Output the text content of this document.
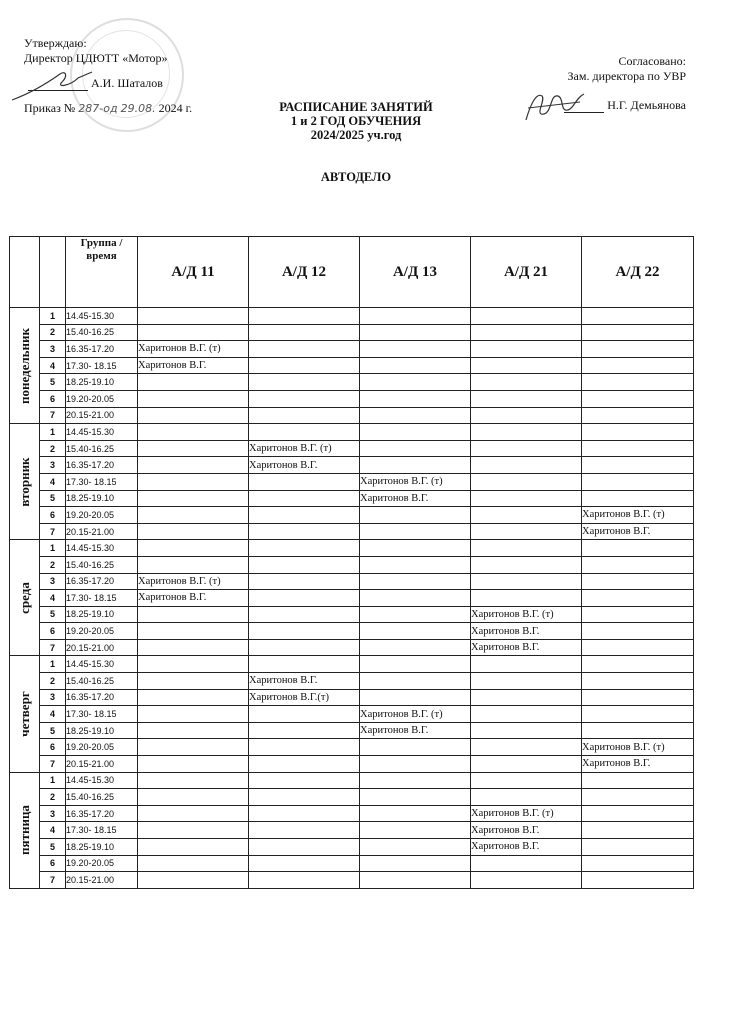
Утверждаю:
Директор ЦДЮТТ «Мотор»
А.И. Шаталов
Приказ № 287-од 29.08. 2024 г.
Согласовано:
Зам. директора по УВР
Н.Г. Демьянова
РАСПИСАНИЕ ЗАНЯТИЙ
1 и 2 ГОД ОБУЧЕНИЯ
2024/2025 уч.год
АВТОДЕЛО
		Группа /время	А/Д 11	А/Д 12	А/Д 13	А/Д 21	А/Д 22

понедельник	1	14.45-15.30					
	2	15.40-16.25					
	3	16.35-17.20	Харитонов В.Г. (т)				
	4	17.30- 18.15	Харитонов В.Г.				
	5	18.25-19.10					
	6	19.20-20.05					
	7	20.15-21.00					

вторник	1	14.45-15.30					
	2	15.40-16.25		Харитонов В.Г. (т)			
	3	16.35-17.20		Харитонов В.Г.			
	4	17.30- 18.15			Харитонов В.Г. (т)		
	5	18.25-19.10			Харитонов В.Г.		
	6	19.20-20.05					Харитонов В.Г. (т)
	7	20.15-21.00					Харитонов В.Г.

среда	1	14.45-15.30					
	2	15.40-16.25					
	3	16.35-17.20	Харитонов В.Г. (т)				
	4	17.30- 18.15	Харитонов В.Г.				
	5	18.25-19.10				Харитонов В.Г. (т)	
	6	19.20-20.05				Харитонов В.Г.	
	7	20.15-21.00				Харитонов В.Г.	

четверг	1	14.45-15.30					
	2	15.40-16.25		Харитонов В.Г.			
	3	16.35-17.20		Харитонов В.Г.(т)			
	4	17.30- 18.15			Харитонов В.Г. (т)		
	5	18.25-19.10			Харитонов В.Г.		
	6	19.20-20.05					Харитонов В.Г. (т)
	7	20.15-21.00					Харитонов В.Г.

пятница	1	14.45-15.30					
	2	15.40-16.25					
	3	16.35-17.20				Харитонов В.Г. (т)	
	4	17.30- 18.15				Харитонов В.Г.	
	5	18.25-19.10				Харитонов В.Г.	
	6	19.20-20.05					
	7	20.15-21.00					
